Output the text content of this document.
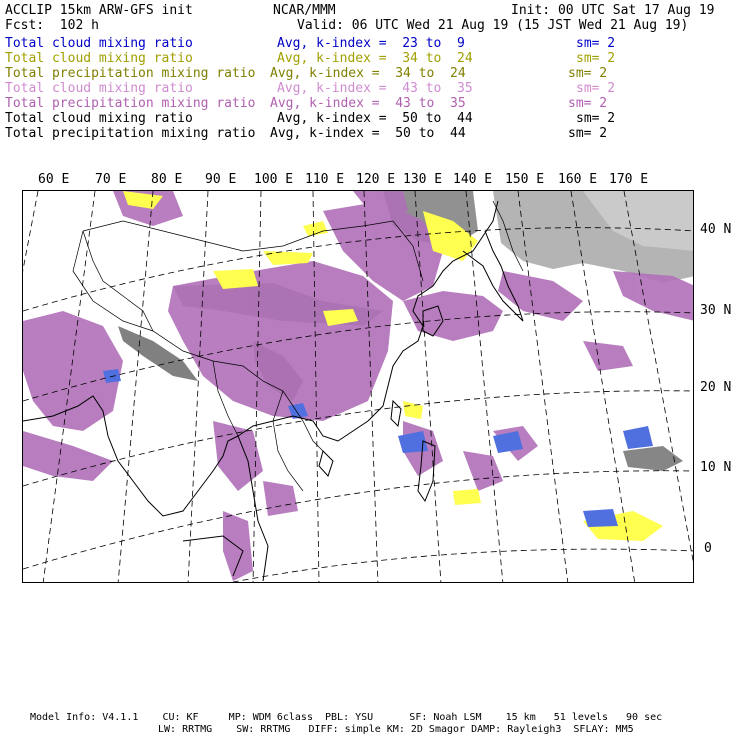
ACCLIP 15km ARW-GFS init	NCAR/MMM	Init: 00 UTC Sat 17 Aug 19
Fcst:  102 h	Valid: 06 UTC Wed 21 Aug 19 (15 JST Wed 21 Aug 19)
Total cloud mixing ratio	Avg, k-index =  23 to  9	sm= 2
Total cloud mixing ratio	Avg, k-index =  34 to  24	sm= 2
Total precipitation mixing ratio Avg, k-index =  34 to  24	sm= 2
Total cloud mixing ratio	Avg, k-index =  43 to  35	sm= 2
Total precipitation mixing ratio Avg, k-index =  43 to  35	sm= 2
Total cloud mixing ratio	Avg, k-index =  50 to  44	sm= 2
Total precipitation mixing ratio Avg, k-index =  50 to  44	sm= 2
60 E 70 E 80 E 90 E 100 E 110 E 120 E 130 E 140 E 150 E 160 E 170 E
40 N
30 N
20 N
10 N
0
Model Info: V4.1.1    CU: KF     MP: WDM 6class  PBL: YSU      SF: Noah LSM    15 km   51 levels   90 sec
LW: RRTMG    SW: RRTMG   DIFF: simple KM: 2D Smagor DAMP: Rayleigh3  SFLAY: MM5
